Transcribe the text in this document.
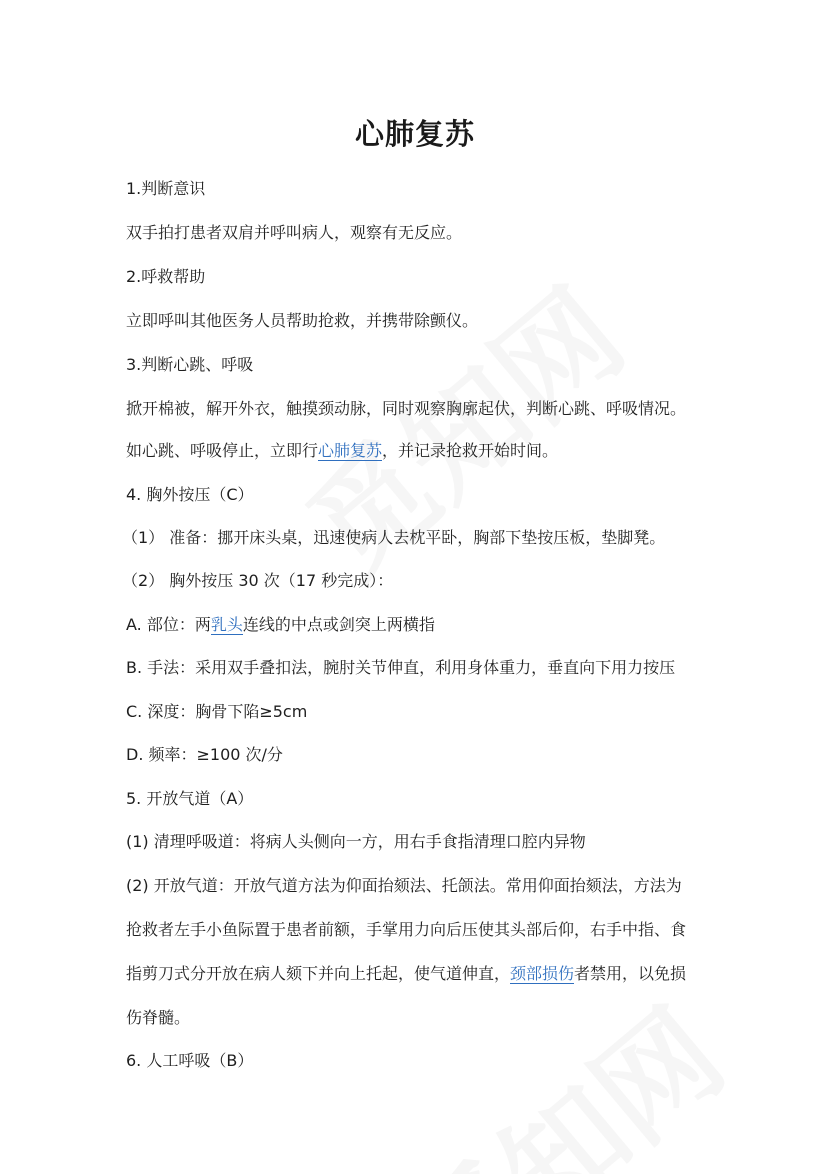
心肺复苏
1.判断意识
双手拍打患者双肩并呼叫病人，观察有无反应。
2.呼救帮助
立即呼叫其他医务人员帮助抢救，并携带除颤仪。
3.判断心跳、呼吸
掀开棉被，解开外衣，触摸颈动脉，同时观察胸廓起伏，判断心跳、呼吸情况。
如心跳、呼吸停止，立即行心肺复苏，并记录抢救开始时间。
4. 胸外按压（C）
（1） 准备：挪开床头桌，迅速使病人去枕平卧，胸部下垫按压板，垫脚凳。
（2） 胸外按压 30 次（17 秒完成）：
A. 部位：两乳头连线的中点或剑突上两横指
B. 手法：采用双手叠扣法，腕肘关节伸直，利用身体重力，垂直向下用力按压
C. 深度：胸骨下陷≥5cm
D. 频率：≥100 次/分
5. 开放气道（A）
(1) 清理呼吸道：将病人头侧向一方，用右手食指清理口腔内异物
(2) 开放气道：开放气道方法为仰面抬颏法、托颌法。常用仰面抬颏法，方法为
抢救者左手小鱼际置于患者前额，手掌用力向后压使其头部后仰，右手中指、食
指剪刀式分开放在病人颏下并向上托起，使气道伸直，颈部损伤者禁用，以免损
伤脊髓。
6. 人工呼吸（B）
